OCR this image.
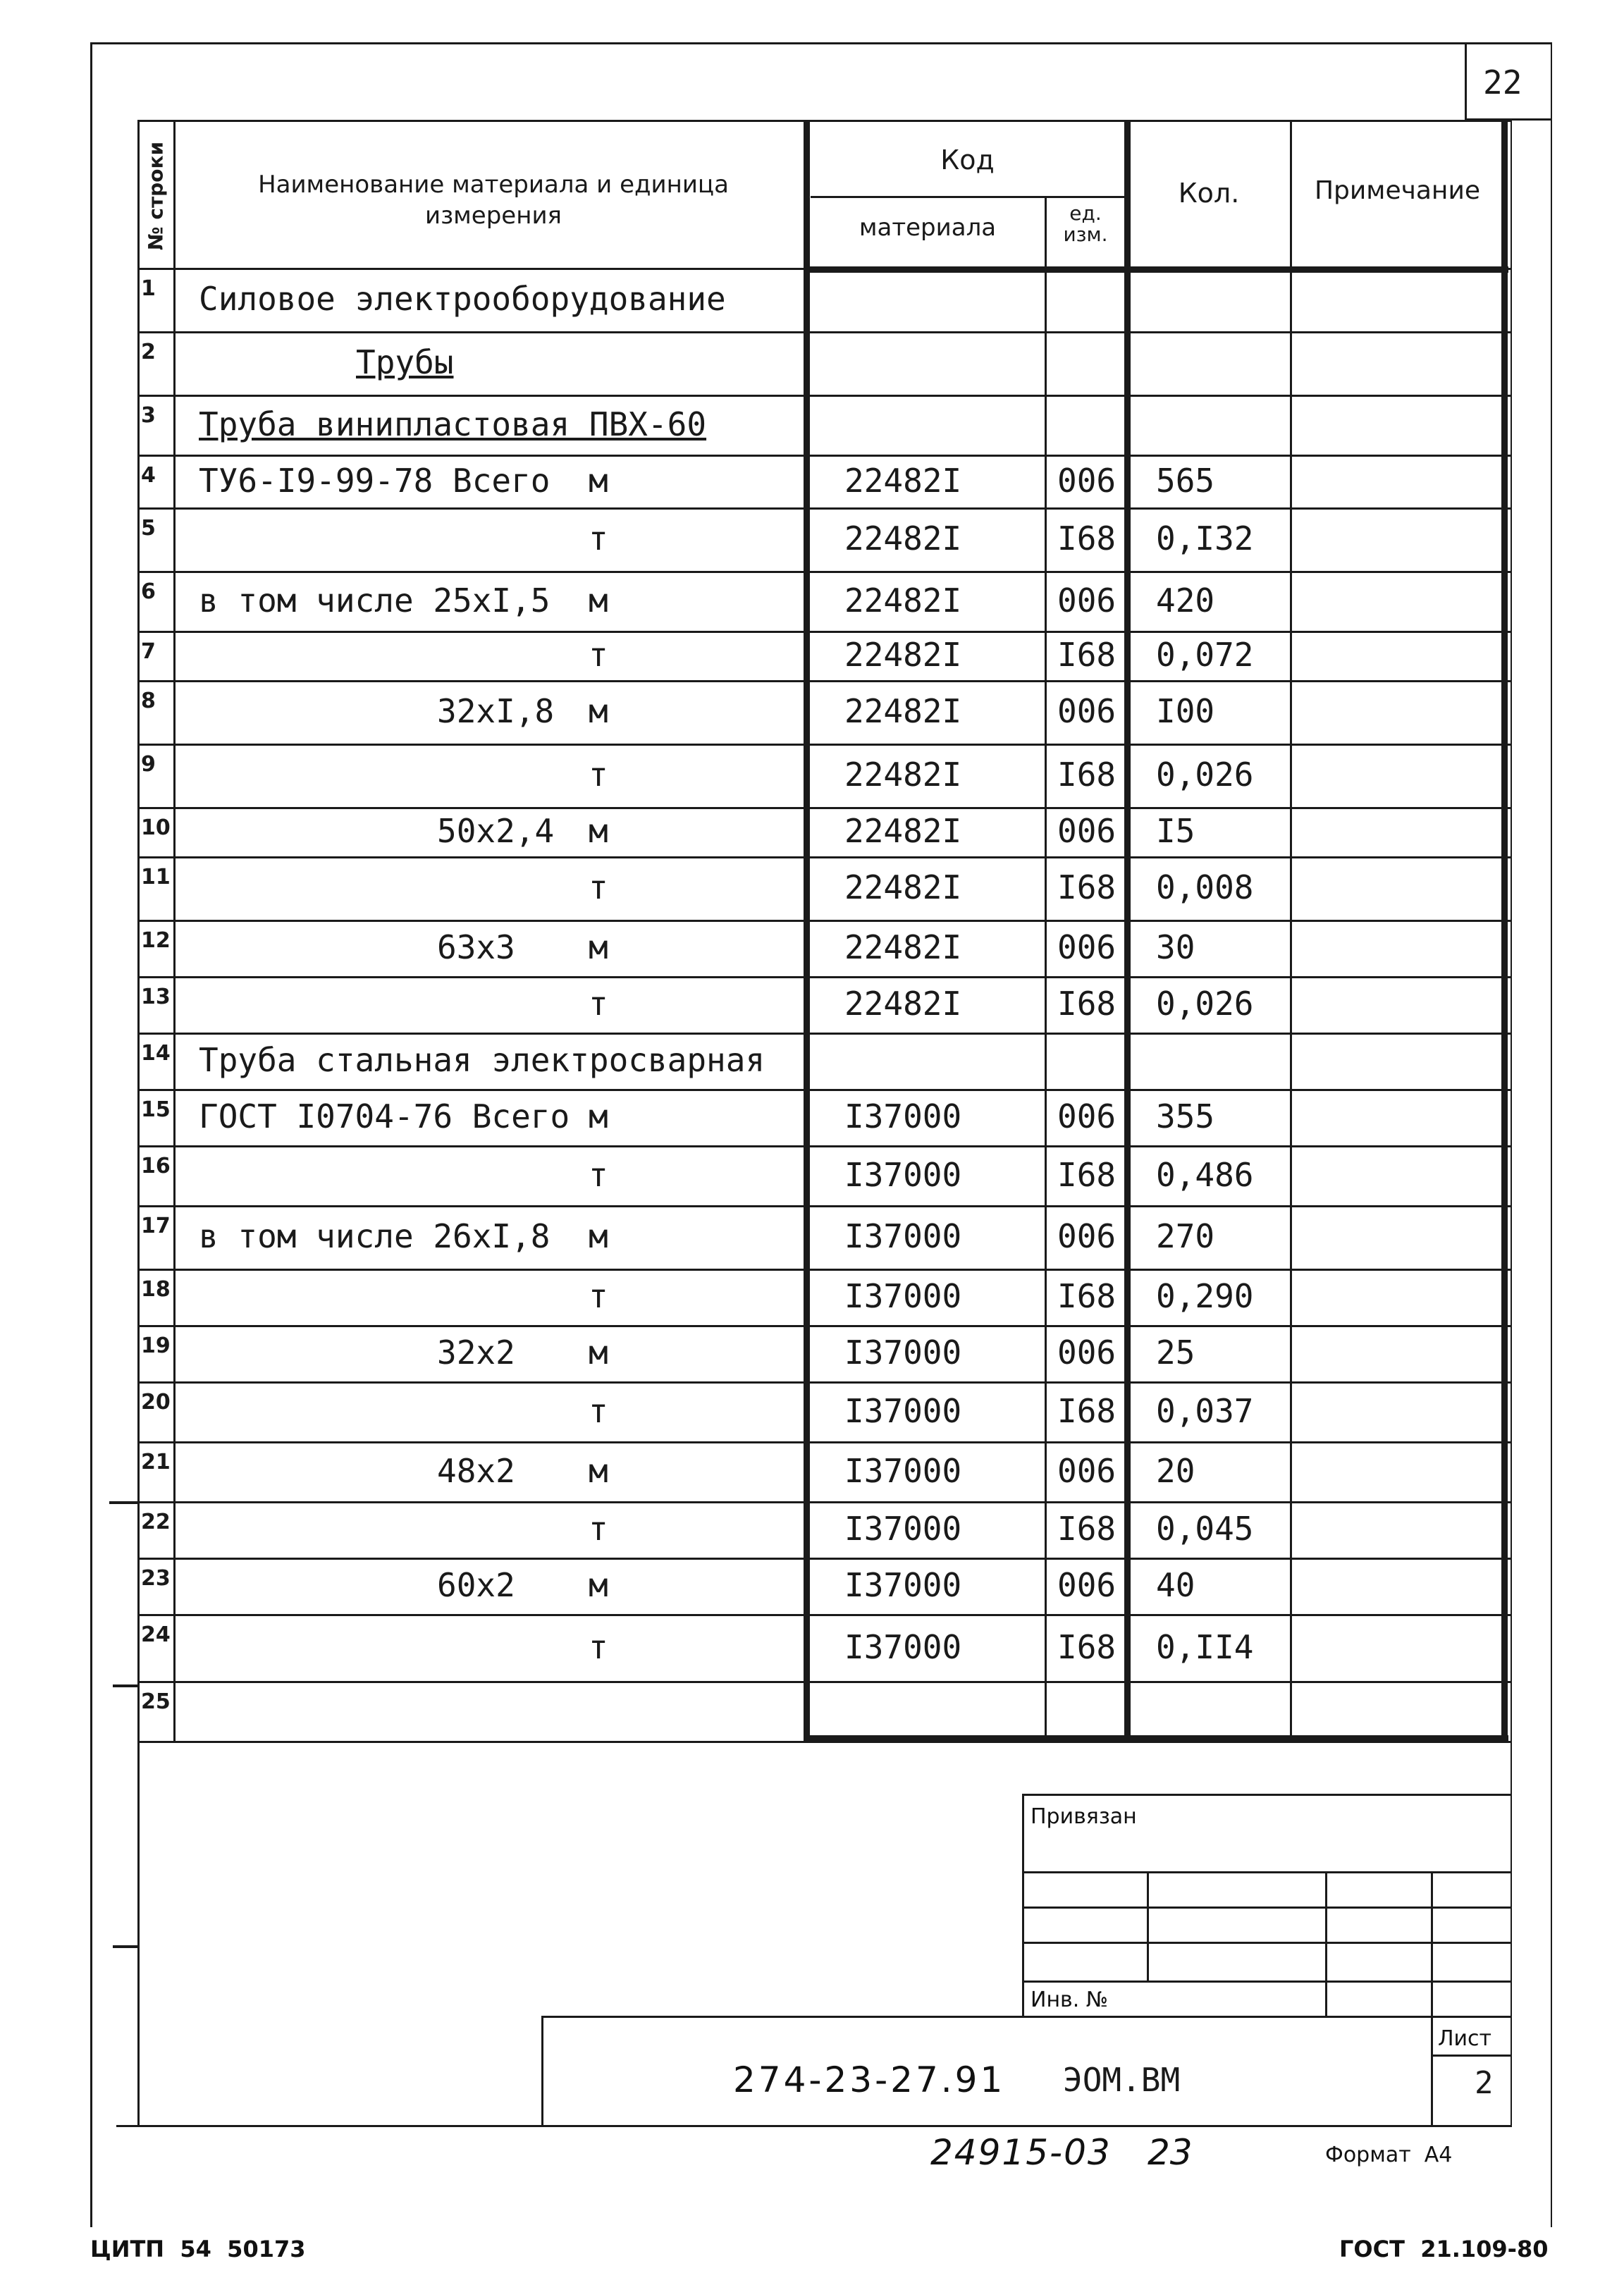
22
№ строки	Наименование материала и единица измерения
Код
материала
ед. изм.
Кол.	Примечание
1 Силовое электрооборудование
2	Трубы
3 Труба винипластовая ПВХ-60
4 ТУ6-I9-99-78 Всего м	22482I	006 565
5	т	22482I	I68 0,I32
6 в том числе 25хI,5 м	22482I	006 420
7	т	22482I	I68 0,072
8	32хI,8 м	22482I	006 I00
9	т	22482I	I68 0,026
10	50х2,4 м	22482I	006 I5
11	т	22482I	I68 0,008
12	63х3 м	22482I	006 30
13	т	22482I	I68 0,026
14 Труба стальная электросварная
15 ГОСТ I0704-76 Всего м	I37000	006 355
16	т	I37000	I68 0,486
17 в том числе 26хI,8 м	I37000	006 270
18	т	I37000	I68 0,290
19	32х2 м	I37000	006 25
20	т	I37000	I68 0,037
21	48х2 м	I37000	006 20
22	т	I37000	I68 0,045
23	60х2 м	I37000	006 40
24	т	I37000	I68 0,II4
25
Привязан
Инв. №
274-23-27.91 ЭОМ.ВМ
Лист
2
24915-03 23	Формат  А4
ЦИТП  54  50173	ГОСТ  21.109-80
